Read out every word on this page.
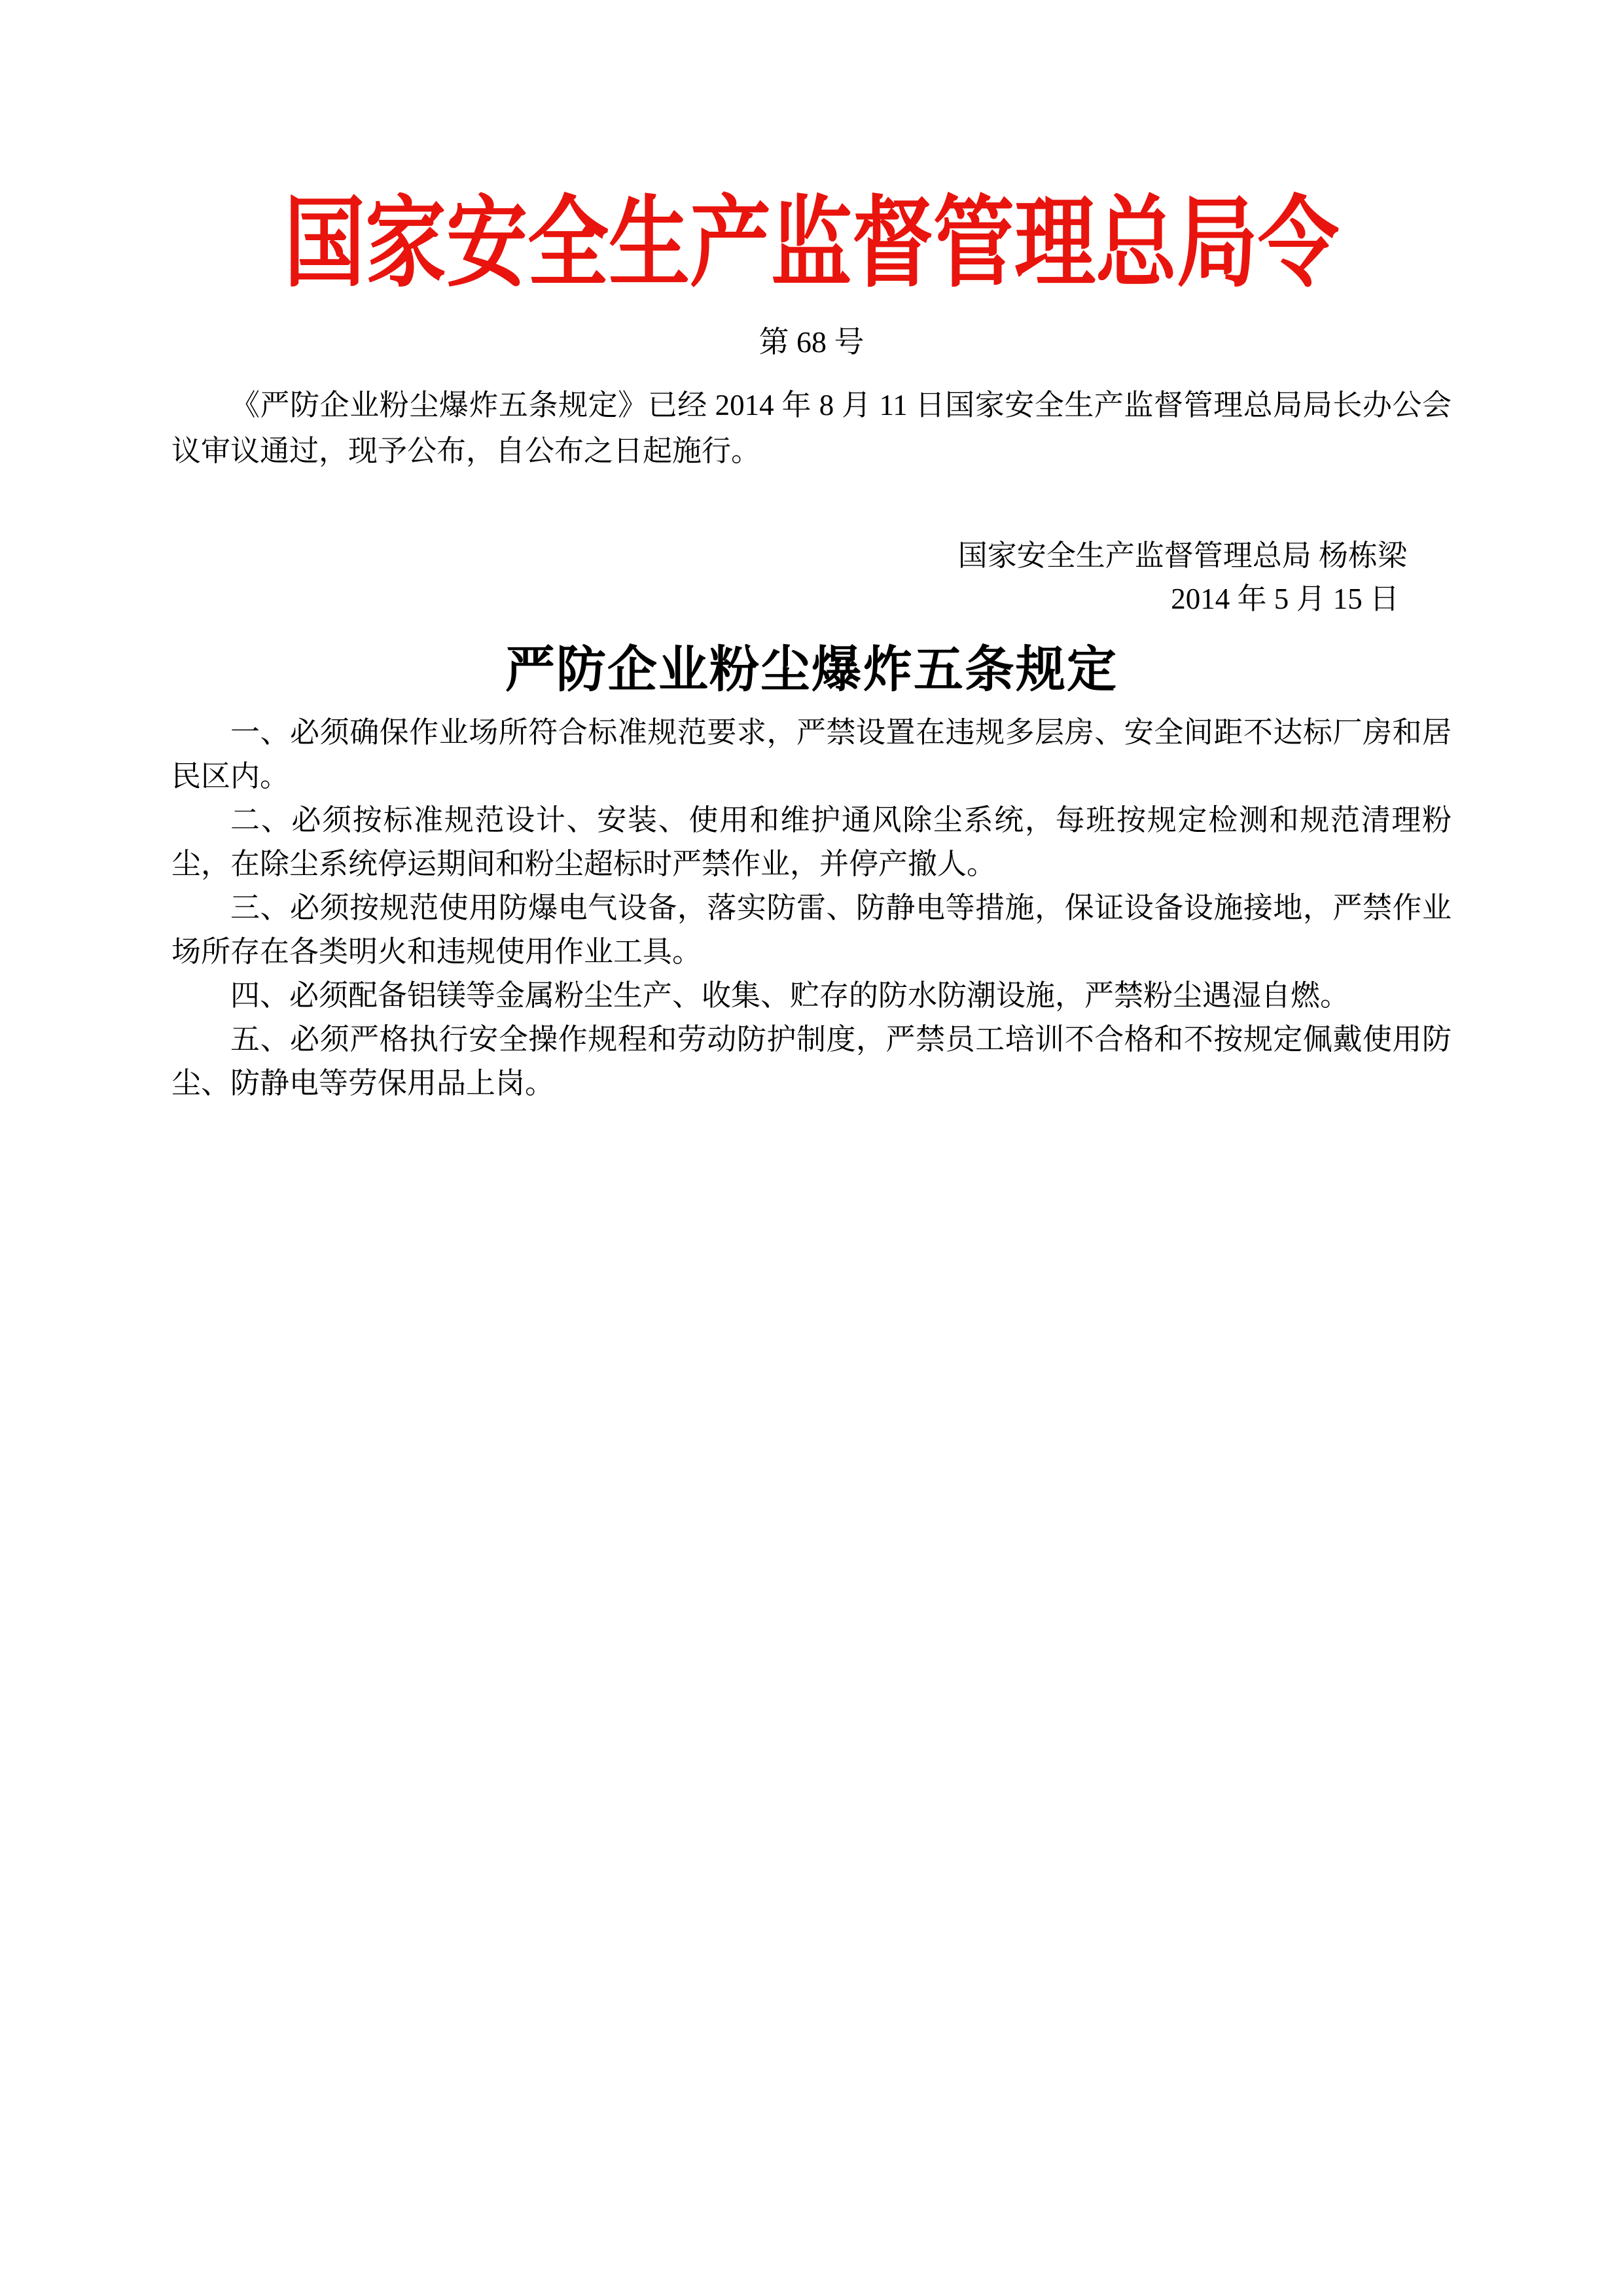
国家安全生产监督管理总局令
第 68 号

《严防企业粉尘爆炸五条规定》已经 2014 年 8 月 11 日国家安全生产监督管理总局局长办公会议审议通过，现予公布，自公布之日起施行。

国家安全生产监督管理总局 杨栋梁
2014 年 5 月 15 日
严防企业粉尘爆炸五条规定

一、必须确保作业场所符合标准规范要求，严禁设置在违规多层房、安全间距不达标厂房和居民区内。

二、必须按标准规范设计、安装、使用和维护通风除尘系统，每班按规定检测和规范清理粉尘，在除尘系统停运期间和粉尘超标时严禁作业，并停产撤人。

三、必须按规范使用防爆电气设备，落实防雷、防静电等措施，保证设备设施接地，严禁作业场所存在各类明火和违规使用作业工具。

四、必须配备铝镁等金属粉尘生产、收集、贮存的防水防潮设施，严禁粉尘遇湿自燃。

五、必须严格执行安全操作规程和劳动防护制度，严禁员工培训不合格和不按规定佩戴使用防尘、防静电等劳保用品上岗。
